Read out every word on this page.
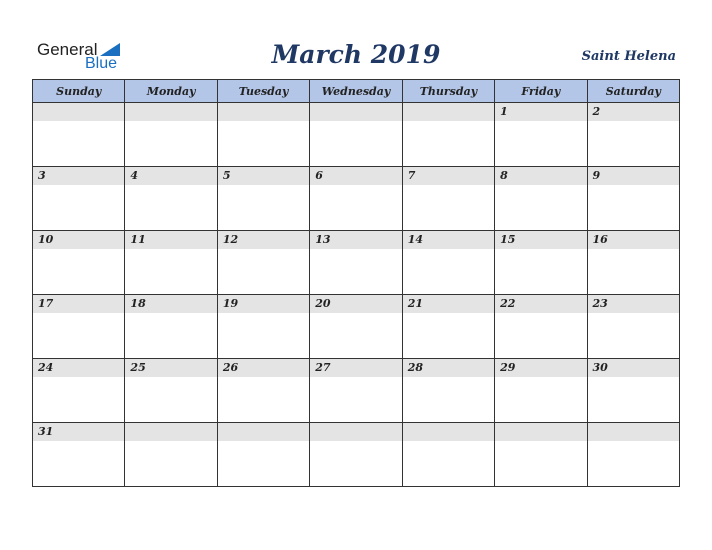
General
Blue	March 2019	Saint Helena
Sunday	Monday	Tuesday	Wednesday	Thursday	Friday	Saturday

					1	2

3	4	5	6	7	8	9

10	11	12	13	14	15	16

17	18	19	20	21	22	23

24	25	26	27	28	29	30

31						
